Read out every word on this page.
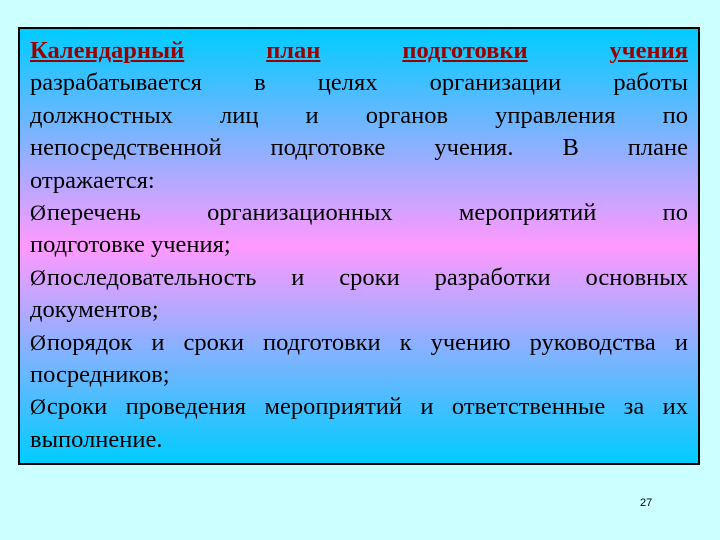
Календарный	план	подготовки	учения
разрабатывается в целях организации работы
должностных лиц и органов управления по
непосредственной подготовке учения. В плане
отражается:
Øперечень	организационных	мероприятий	по
подготовке учения;
Øпоследовательность и сроки разработки основных
документов;
Øпорядок и сроки подготовки к учению руководства и
посредников;
Øсроки проведения мероприятий и ответственные за их
выполнение.
27
